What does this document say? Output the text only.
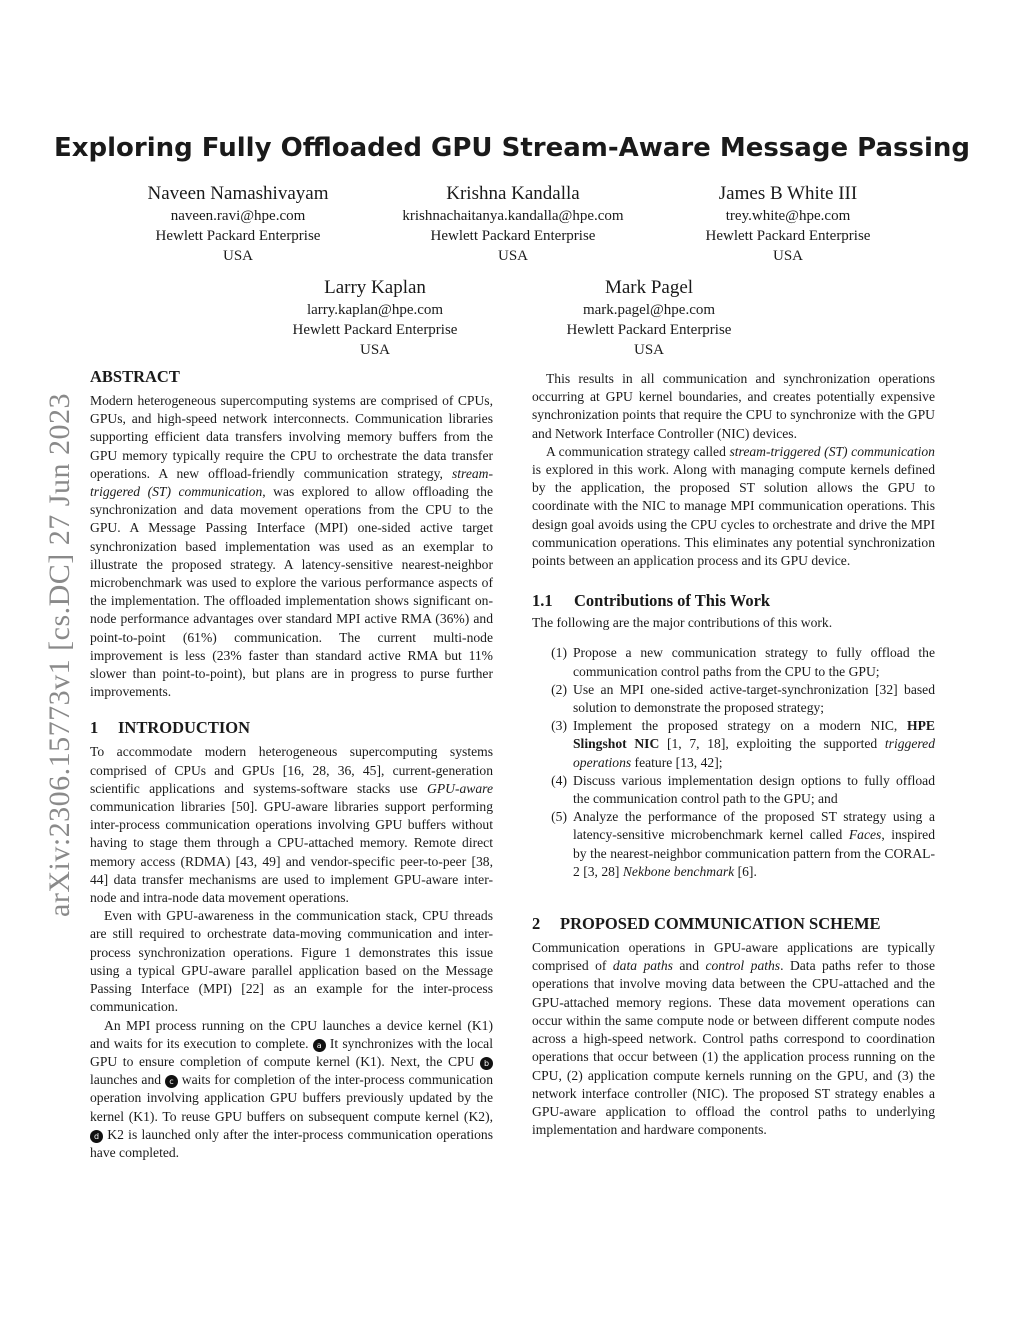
arXiv:2306.15773v1 [cs.DC] 27 Jun 2023
Exploring Fully Offloaded GPU Stream-Aware Message Passing
Naveen Namashivayam
naveen.ravi@hpe.com
Hewlett Packard Enterprise
USA
Krishna Kandalla
krishnachaitanya.kandalla@hpe.com
Hewlett Packard Enterprise
USA
James B White III
trey.white@hpe.com
Hewlett Packard Enterprise
USA
Larry Kaplan
larry.kaplan@hpe.com
Hewlett Packard Enterprise
USA
Mark Pagel
mark.pagel@hpe.com
Hewlett Packard Enterprise
USA
ABSTRACT

Modern heterogeneous supercomputing systems are comprised of CPUs, GPUs, and high-speed network interconnects. Communication libraries supporting efficient data transfers involving memory buffers from the GPU memory typically require the CPU to orchestrate the data transfer operations. A new offload-friendly communication strategy, stream-triggered (ST) communication, was explored to allow offloading the synchronization and data movement operations from the CPU to the GPU. A Message Passing Interface (MPI) one-sided active target synchronization based implementation was used as an exemplar to illustrate the proposed strategy. A latency-sensitive nearest-neighbor microbenchmark was used to explore the various performance aspects of the implementation. The offloaded implementation shows significant on-node performance advantages over standard MPI active RMA (36%) and point-to-point (61%) communication. The current multi-node improvement is less (23% faster than standard active RMA but 11% slower than point-to-point), but plans are in progress to purse further improvements.

1 INTRODUCTION

To accommodate modern heterogeneous supercomputing systems comprised of CPUs and GPUs [16, 28, 36, 45], current-generation scientific applications and systems-software stacks use GPU-aware communication libraries [50]. GPU-aware libraries support performing inter-process communication operations involving GPU buffers without having to stage them through a CPU-attached memory. Remote direct memory access (RDMA) [43, 49] and vendor-specific peer-to-peer [38, 44] data transfer mechanisms are used to implement GPU-aware inter-node and intra-node data movement operations.

Even with GPU-awareness in the communication stack, CPU threads are still required to orchestrate data-moving communication and inter-process synchronization operations. Figure 1 demonstrates this issue using a typical GPU-aware parallel application based on the Message Passing Interface (MPI) [22] as an example for the inter-process communication.

An MPI process running on the CPU launches a device kernel (K1) and waits for its execution to complete. a It synchronizes with the local GPU to ensure completion of compute kernel (K1). Next, the CPU b launches and c waits for completion of the inter-process communication operation involving application GPU buffers previously updated by the kernel (K1). To reuse GPU buffers on subsequent compute kernel (K2), d K2 is launched only after the inter-process communication operations have completed.

This results in all communication and synchronization operations occurring at GPU kernel boundaries, and creates potentially expensive synchronization points that require the CPU to synchronize with the GPU and Network Interface Controller (NIC) devices.

A communication strategy called stream-triggered (ST) communication is explored in this work. Along with managing compute kernels defined by the application, the proposed ST solution allows the GPU to coordinate with the NIC to manage MPI communication operations. This design goal avoids using the CPU cycles to orchestrate and drive the MPI communication operations. This eliminates any potential synchronization points between an application process and its GPU device.

1.1 Contributions of This Work

The following are the major contributions of this work.

(1) Propose a new communication strategy to fully offload the communication control paths from the CPU to the GPU;
(2) Use an MPI one-sided active-target-synchronization [32] based solution to demonstrate the proposed strategy;
(3) Implement the proposed strategy on a modern NIC, HPE Slingshot NIC [1, 7, 18], exploiting the supported triggered operations feature [13, 42];
(4) Discuss various implementation design options to fully offload the communication control path to the GPU; and
(5) Analyze the performance of the proposed ST strategy using a latency-sensitive microbenchmark kernel called Faces, inspired by the nearest-neighbor communication pattern from the CORAL-2 [3, 28] Nekbone benchmark [6].
2 PROPOSED COMMUNICATION SCHEME

Communication operations in GPU-aware applications are typically comprised of data paths and control paths. Data paths refer to those operations that involve moving data between the CPU-attached and the GPU-attached memory regions. These data movement operations can occur within the same compute node or between different compute nodes across a high-speed network. Control paths correspond to coordination operations that occur between (1) the application process running on the CPU, (2) application compute kernels running on the GPU, and (3) the network interface controller (NIC). The proposed ST strategy enables a GPU-aware application to offload the control paths to underlying implementation and hardware components.
